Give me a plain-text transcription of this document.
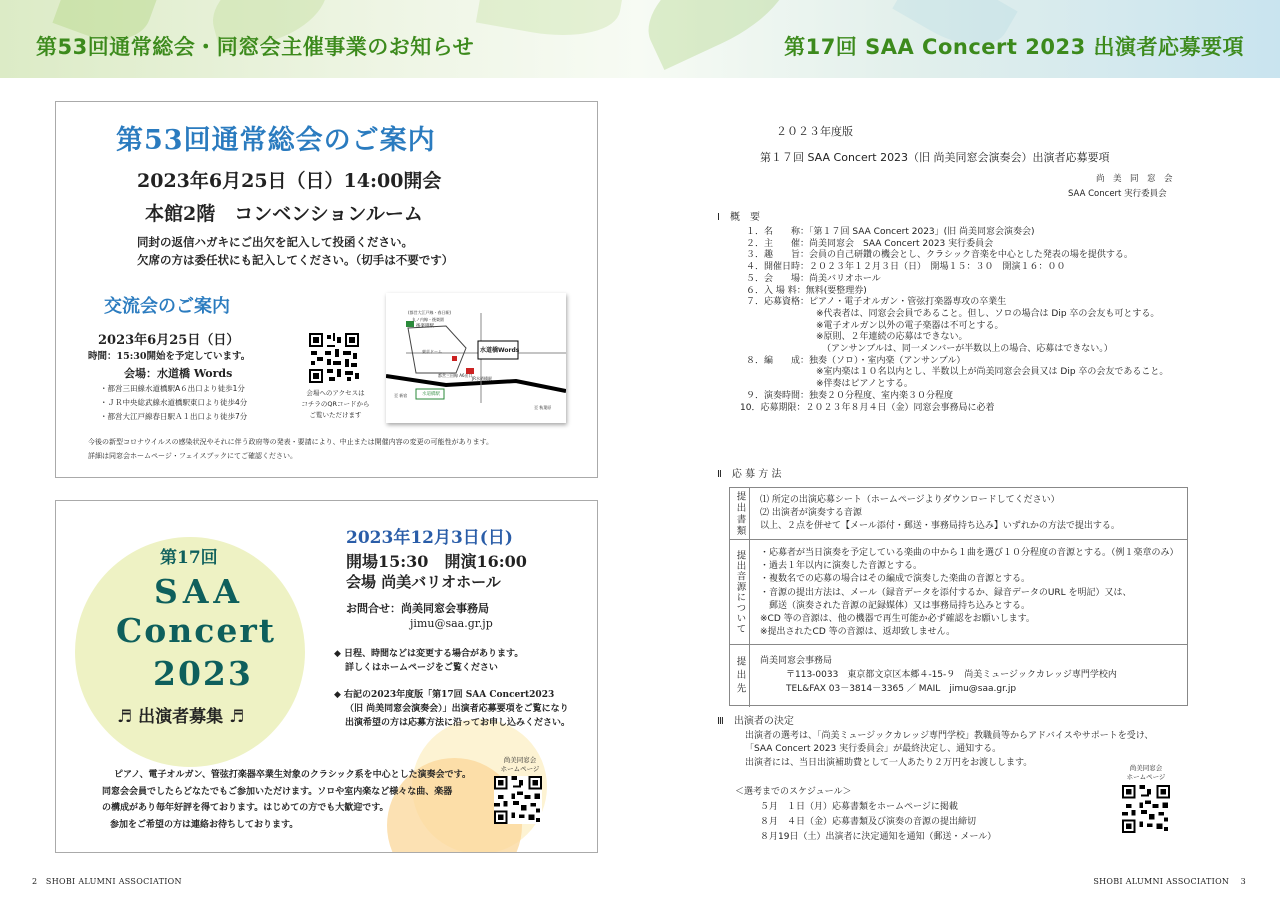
第53回通常総会・同窓会主催事業のお知らせ	第17回 SAA Concert 2023 出演者応募要項
第53回通常総会のご案内
2023年6月25日（日）14:00開会
本館2階　コンベンションルーム
同封の返信ハガキにご出欠を記入して投函ください。
欠席の方は委任状にも記入してください。（切手は不要です）
交流会のご案内
2023年6月25日（日）
時間：15:30開始を予定しています。
会場：水道橋 Words
・都営三田線水道橋駅A６出口より徒歩1分
・ＪＲ中央総武線水道橋駅東口より徒歩4分
・都営大江戸線春日駅Ａ１出口より徒歩7分
会場へのアクセスは
コチラのQRコードから
ご覧いただけます
(都営大江戸線・春日駅)
丸ノ内線・後楽園
後楽園駅
東京ドーム	水道橋Words
都営三田線 A6出口
水道橋駅
JR水道橋駅
至 新宿
至 秋葉原
今後の新型コロナウイルスの感染状況やそれに伴う政府等の発表・要請により、中止または開催内容の変更の可能性があります。
詳細は同窓会ホームページ・フェイスブックにてご確認ください。
第17回
SAA
Concert
2023
♬ 出演者募集 ♬
2023年12月3日(日)
開場15:30　開演16:00
会場 尚美バリオホール
お問合せ：尚美同窓会事務局
jimu@saa.gr.jp
◆ 日程、時間などは変更する場合があります。
詳しくはホームページをご覧ください
◆ 右記の2023年度版「第17回 SAA Concert2023
（旧 尚美同窓会演奏会）」出演者応募要項をご覧になり
出演希望の方は応募方法に沿ってお申し込みください。
尚美同窓会
ホームページ
ピアノ、電子オルガン、管弦打楽器卒業生対象のクラシック系を中心とした演奏会です。
同窓会会員でしたらどなたでもご参加いただけます。ソロや室内楽など様々な曲、楽器
の構成があり毎年好評を得ております。はじめての方でも大歓迎です。
参加をご希望の方は連絡お待ちしております。
２０２３年度版
第１７回 SAA Concert 2023（旧 尚美同窓会演奏会）出演者応募要項
尚　美　同　窓　会
SAA Concert 実行委員会
Ⅰ　概　要
１．名　　称：「第１７回 SAA Concert 2023」(旧 尚美同窓会演奏会)
２．主　　催：尚美同窓会　SAA Concert 2023 実行委員会
３．趣　　旨：会員の自己研鑽の機会とし、クラシック音楽を中心とした発表の場を提供する。
４．開催日時：２０２３年１２月３日（日）　開場１５：３０　開演１６：００
５．会　　場：尚美バリオホール
６．入 場 料：無料(要整理券)
７．応募資格：ピアノ・電子オルガン・管弦打楽器専攻の卒業生
※代表者は、同窓会会員であること。但し、ソロの場合は Dip 卒の会友も可とする。
※電子オルガン以外の電子楽器は不可とする。
※原則、２年連続の応募はできない。
（アンサンブルは、同一メンバーが半数以上の場合、応募はできない。）
８．編　　成：独奏（ソロ）・室内楽（アンサンブル）
※室内楽は１０名以内とし、半数以上が尚美同窓会会員又は Dip 卒の会友であること。
※伴奏はピアノとする。
９．演奏時間：独奏２０分程度、室内楽３０分程度
10．応募期限：２０２３年８月４日（金）同窓会事務局に必着
Ⅱ　応 募 方 法
提出書類 ⑴ 所定の出演応募シート（ホームページよりダウンロードしてください）
⑵ 出演者が演奏する音源
以上、２点を併せて【メール添付・郵送・事務局持ち込み】いずれかの方法で提出する。
提出音源について ・応募者が当日演奏を予定している楽曲の中から１曲を選び１０分程度の音源とする。（例１楽章のみ）
・過去１年以内に演奏した音源とする。
・複数名での応募の場合はその編成で演奏した楽曲の音源とする。
・音源の提出方法は、メール（録音データを添付するか、録音データのURL を明記）又は、
　郵送（演奏された音源の記録媒体）又は事務局持ち込みとする。
※CD 等の音源は、他の機器で再生可能か必ず確認をお願いします。
※提出されたCD 等の音源は、返却致しません。
提出先 尚美同窓会事務局
〒113-0033　東京都文京区本郷４-15-９　尚美ミュージックカレッジ専門学校内
TEL&FAX 03－3814－3365 ／ MAIL　jimu@saa.gr.jp
Ⅲ　出演者の決定
出演者の選考は、「尚美ミュージックカレッジ専門学校」教職員等からアドバイスやサポートを受け、
「SAA Concert 2023 実行委員会」が最終決定し、通知する。
出演者には、当日出演補助費として一人あたり２万円をお渡しします。
＜選考までのスケジュール＞
５月　１日（月）応募書類をホームページに掲載
８月　４日（金）応募書類及び演奏の音源の提出締切
８月19日（土）出演者に決定通知を通知（郵送・メール）
尚美同窓会
ホームページ
2 SHOBI ALUMNI ASSOCIATION	SHOBI ALUMNI ASSOCIATION 3
